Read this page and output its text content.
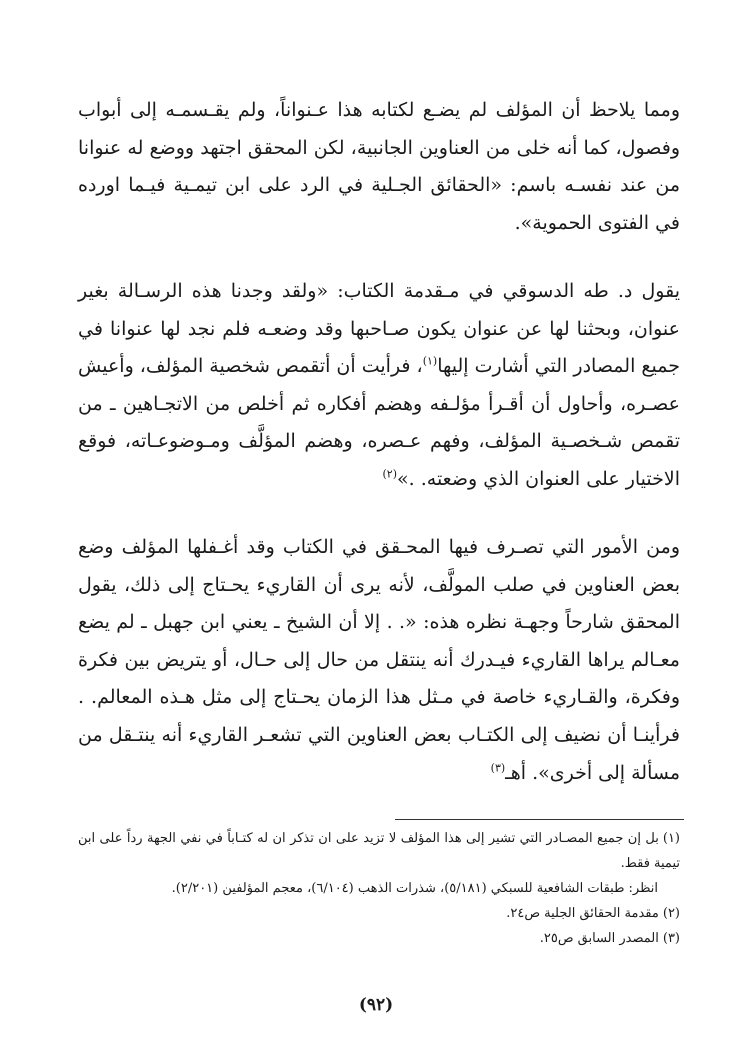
ومما يلاحظ أن المؤلف لم يضـع لكتابه هذا عـنواناً، ولم يقـسمـه إلى أبواب وفصول، كما أنه خلى من العناوين الجانبية، لكن المحقق اجتهد ووضع له عنوانا من عند نفسـه باسم: «الحقائق الجـلية في الرد على ابن تيمـية فيـما اورده في الفتوى الحموية».

يقول د. طه الدسوقي في مـقدمة الكتاب: «ولقد وجدنا هذه الرسـالة بغير عنوان، وبحثنا لها عن عنوان يكون صـاحبها وقد وضعـه فلم نجد لها عنوانا في جميع المصادر التي أشارت إليها$^{(١)}$، فرأيت أن أتقمص شخصية المؤلف، وأعيش عصـره، وأحاول أن أقـرأ مؤلـفه وهضم أفكاره ثم أخلص من الاتجـاهين ـ من تقمص شـخصـية المؤلف، وفهم عـصره، وهضم المؤلَّف ومـوضوعـاته، فوقع الاختيار على العنوان الذي وضعته. .»$^{(٢)}$

ومن الأمور التي تصـرف فيها المحـقق في الكتاب وقد أغـفلها المؤلف وضع بعض العناوين في صلب المولَّف، لأنه يرى أن القاريء يحـتاج إلى ذلك، يقول المحقق شارحاً وجهـة نظره هذه: «. . إلا أن الشيخ ـ يعني ابن جهبل ـ لم يضع معـالم يراها القاريء فيـدرك أنه ينتقل من حال إلى حـال، أو يتريض بين فكرة وفكرة، والقـاريء خاصة في مـثل هذا الزمان يحـتاج إلى مثل هـذه المعالم. . فرأينـا أن نضيف إلى الكتـاب بعض العناوين التي تشعـر القاريء أنه ينتـقل من مسألة إلى أخرى». أهـ$^{(٣)}$

(١)بل إن جميع المصـادر التي تشير إلى هذا المؤلف لا تزيد على ان تذكر ان له كتـاباً في نفي الجهة رداً على ابن تيمية فقط.

انظر: طبقات الشافعية للسبكي (٥/١٨١)، شذرات الذهب (٦/١٠٤)، معجم المؤلفين (٢/٢٠١).

(٢)مقدمة الحقائق الجلية ص٢٤.

(٣)المصدر السابق ص٢٥.

(٩٢)
